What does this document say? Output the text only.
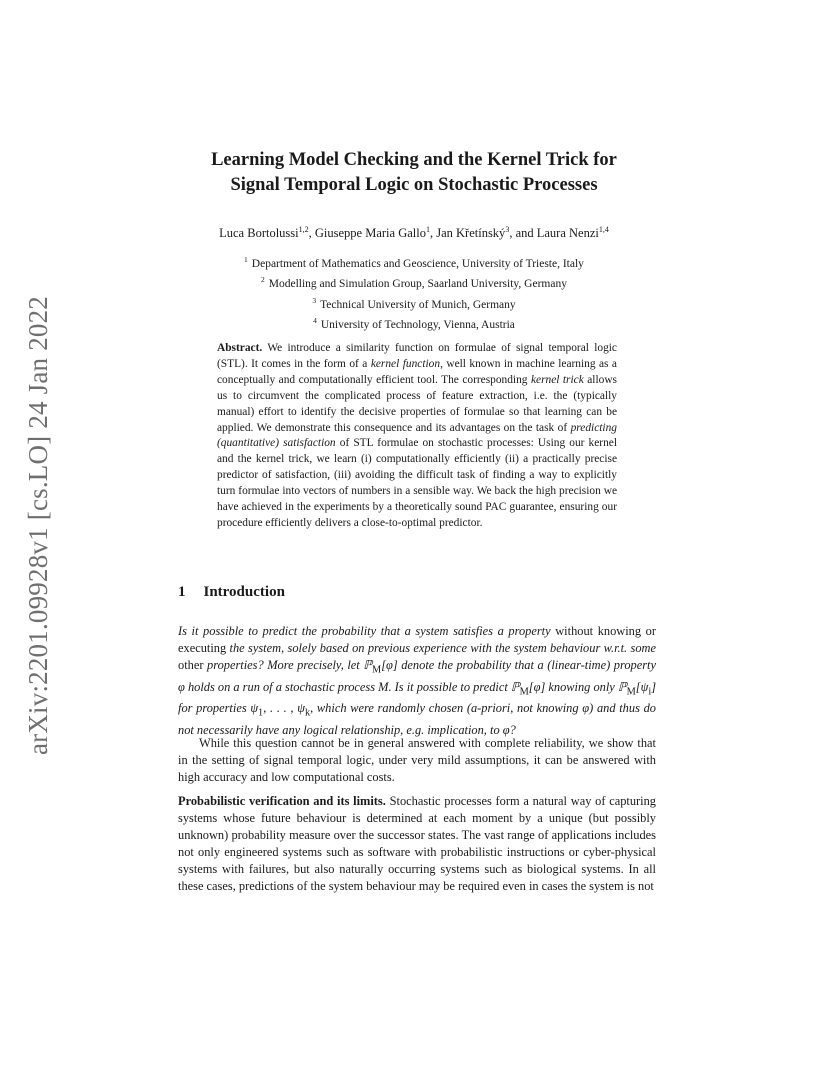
arXiv:2201.09928v1 [cs.LO] 24 Jan 2022
Learning Model Checking and the Kernel Trick for
Signal Temporal Logic on Stochastic Processes
Luca Bortolussi$^{1,2}$, Giuseppe Maria Gallo$^1$, Jan Křetínský$^3$, and Laura Nenzi$^{1,4}$
$^1$ Department of Mathematics and Geoscience, University of Trieste, Italy
$^2$ Modelling and Simulation Group, Saarland University, Germany
$^3$ Technical University of Munich, Germany
$^4$ University of Technology, Vienna, Austria
Abstract. We introduce a similarity function on formulae of signal temporal logic (STL). It comes in the form of a kernel function, well known in machine learning as a conceptually and computationally efficient tool. The corresponding kernel trick allows us to circumvent the complicated process of feature extraction, i.e. the (typically manual) effort to identify the decisive properties of formulae so that learning can be applied. We demonstrate this consequence and its advantages on the task of predicting (quantitative) satisfaction of STL formulae on stochastic processes: Using our kernel and the kernel trick, we learn (i) computationally efficiently (ii) a practically precise predictor of satisfaction, (iii) avoiding the difficult task of finding a way to explicitly turn formulae into vectors of numbers in a sensible way. We back the high precision we have achieved in the experiments by a theoretically sound PAC guarantee, ensuring our procedure efficiently delivers a close-to-optimal predictor.
1 Introduction
Is it possible to predict the probability that a system satisfies a property without knowing or executing the system, solely based on previous experience with the system behaviour w.r.t. some other properties? More precisely, let ℙ$_M$[φ] denote the probability that a (linear-time) property φ holds on a run of a stochastic process M. Is it possible to predict ℙ$_M$[φ] knowing only $ℙ_M[\psi_i]$ for properties $\psi_1$, . . . , $\psi_k$, which were randomly chosen (a-priori, not knowing φ) and thus do not necessarily have any logical relationship, e.g. implication, to φ?
While this question cannot be in general answered with complete reliability, we show that in the setting of signal temporal logic, under very mild assumptions, it can be answered with high accuracy and low computational costs.
Probabilistic verification and its limits. Stochastic processes form a natural way of capturing systems whose future behaviour is determined at each moment by a unique (but possibly unknown) probability measure over the successor states. The vast range of applications includes not only engineered systems such as software with probabilistic instructions or cyber-physical systems with failures, but also naturally occurring systems such as biological systems. In all these cases, predictions of the system behaviour may be required even in cases the system is not
